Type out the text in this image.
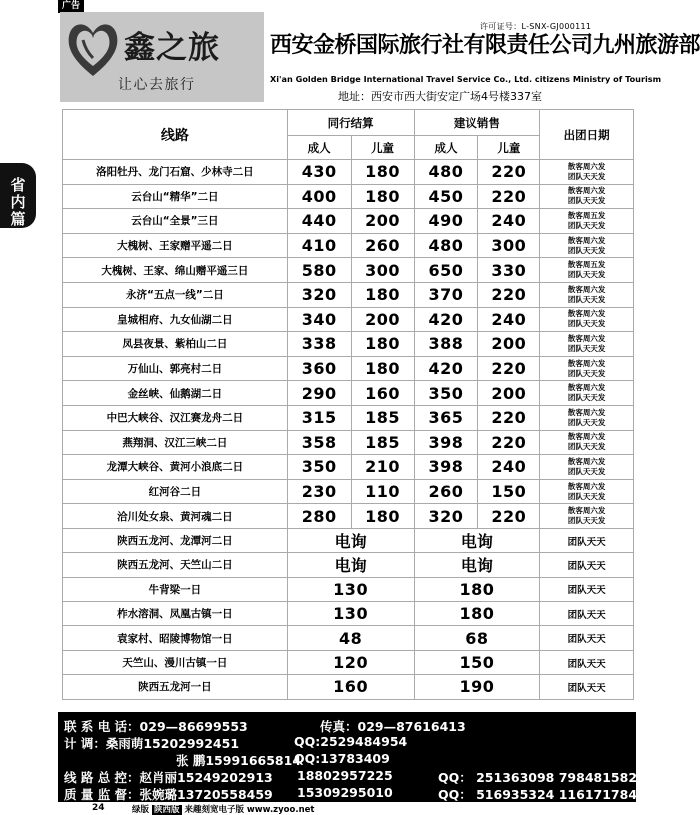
广告
鑫之旅
让心去旅行
许可证号：L-SNX-GJ000111
西安金桥国际旅行社有限责任公司九州旅游部
Xi'an Golden Bridge International Travel Service Co., Ltd. citizens Ministry of Tourism
地址：西安市西大街安定广场4号楼337室
省内篇
线路	同行结算		建议销售		出团日期
	成人	儿童	成人	儿童	
洛阳牡丹、龙门石窟、少林寺二日	430	180	480	220	散客周六发
团队天天发

云台山“精华”二日	400	180	450	220	散客周六发
团队天天发

云台山“全景”三日	440	200	490	240	散客周五发
团队天天发

大槐树、王家赠平遥二日	410	260	480	300	散客周六发
团队天天发

大槐树、王家、绵山赠平遥三日	580	300	650	330	散客周五发
团队天天发

永济“五点一线”二日	320	180	370	220	散客周六发
团队天天发

皇城相府、九女仙湖二日	340	200	420	240	散客周六发
团队天天发

凤县夜景、紫柏山二日	338	180	388	200	散客周六发
团队天天发

万仙山、郭亮村二日	360	180	420	220	散客周六发
团队天天发

金丝峡、仙鹅湖二日	290	160	350	200	散客周六发
团队天天发

中巴大峡谷、汉江赛龙舟二日	315	185	365	220	散客周六发
团队天天发

燕翔洞、汉江三峡二日	358	185	398	220	散客周六发
团队天天发

龙潭大峡谷、黄河小浪底二日	350	210	398	240	散客周六发
团队天天发

红河谷二日	230	110	260	150	散客周六发
团队天天发

洽川处女泉、黄河魂二日	280	180	320	220	散客周六发
团队天天发

陕西五龙河、龙潭河二日	电询		电询		团队天天
陕西五龙河、天竺山二日	电询		电询		团队天天
牛背梁一日	130		180		团队天天
柞水溶洞、凤凰古镇一日	130		180		团队天天
袁家村、昭陵博物馆一日	48		68		团队天天
天竺山、漫川古镇一日	120		150		团队天天
陕西五龙河一日	160		190		团队天天
联 系 电 话：029—86699553	传真：029—87616413
计 调：桑雨萌15202992451	QQ:2529484954
张 鹏15991665814
QQ:13783409
线 路 总 控：赵肖丽15249202913 18802957225	QQ： 251363098 798481582
质 量 监 督：张婉璐13720558459 15309295010	QQ： 516935324 1161717844
24	绿版 陕西版 来趣刻宽电子版 www.zyoo.net
